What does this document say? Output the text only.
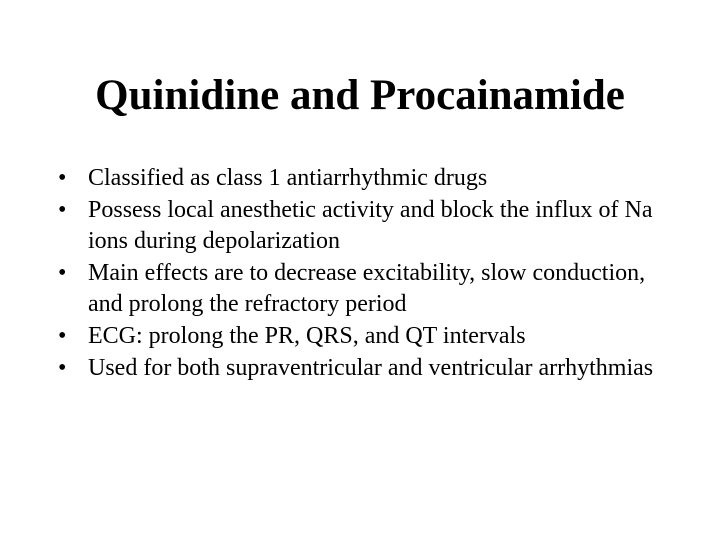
Quinidine and Procainamide
• Classified as class 1 antiarrhythmic drugs
• Possess local anesthetic activity and block the influx of Na ions during depolarization
• Main effects are to decrease excitability, slow conduction, and prolong the refractory period
• ECG: prolong the PR, QRS, and QT intervals
• Used for both supraventricular and ventricular arrhythmias
